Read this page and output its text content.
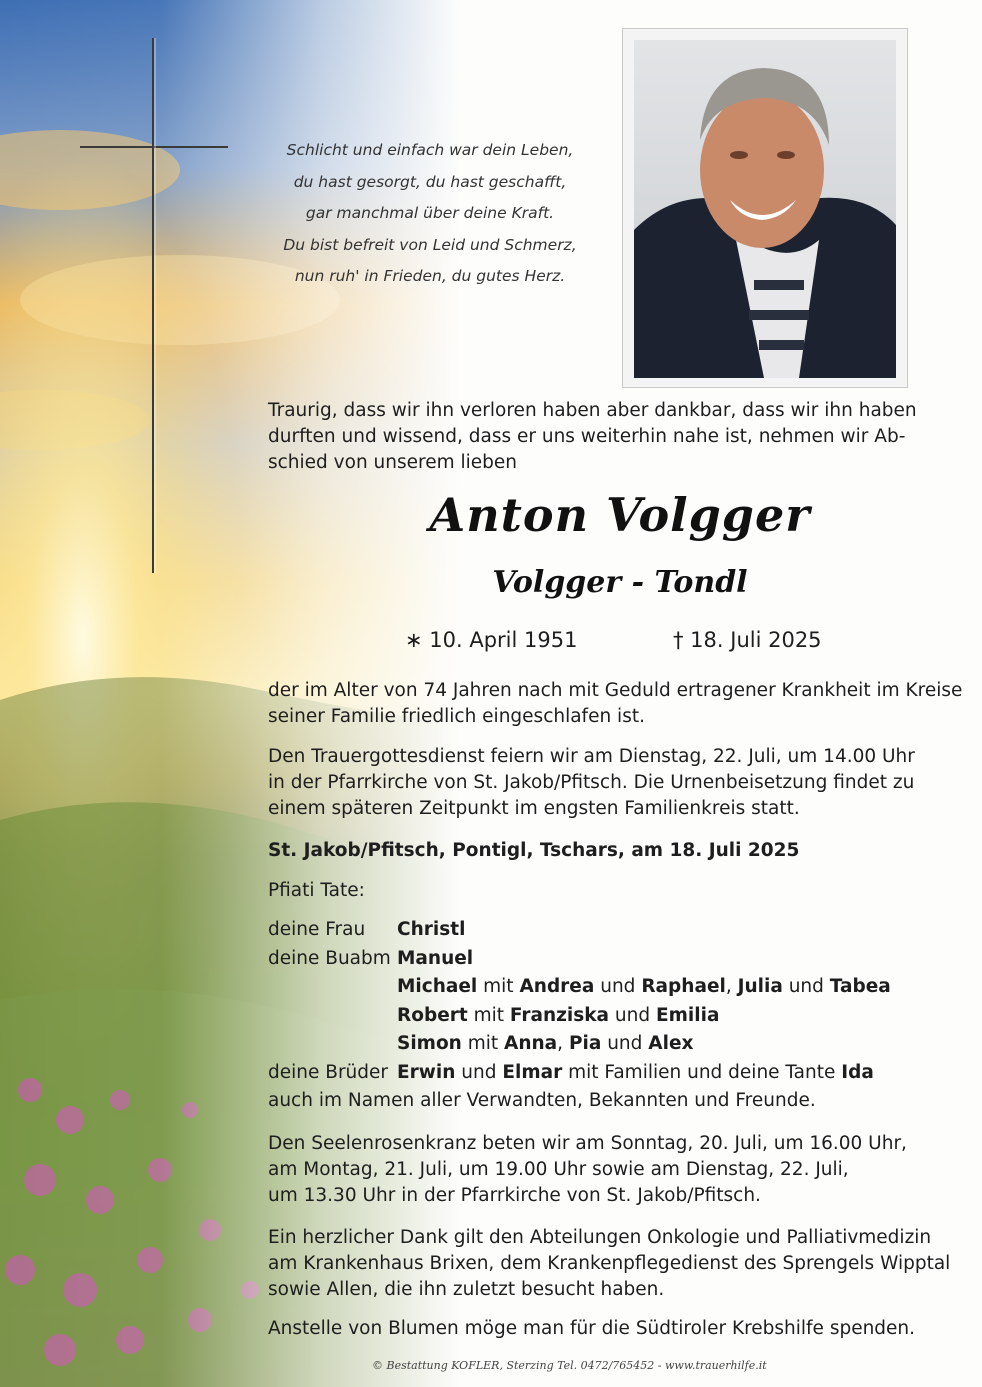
Schlicht und einfach war dein Leben,
du hast gesorgt, du hast geschafft,
gar manchmal über deine Kraft.
Du bist befreit von Leid und Schmerz,
nun ruh' in Frieden, du gutes Herz.
Traurig, dass wir ihn verloren haben aber dankbar, dass wir ihn haben
durften und wissend, dass er uns weiterhin nahe ist, nehmen wir Ab-
schied von unserem lieben
Anton Volgger
Volgger - Tondl
∗ 10. April 1951	† 18. Juli 2025
der im Alter von 74 Jahren nach mit Geduld ertragener Krankheit im Kreise
seiner Familie friedlich eingeschlafen ist.
Den Trauergottesdienst feiern wir am Dienstag, 22. Juli, um 14.00 Uhr
in der Pfarrkirche von St. Jakob/Pfitsch. Die Urnenbeisetzung findet zu
einem späteren Zeitpunkt im engsten Familienkreis statt.
St. Jakob/Pfitsch, Pontigl, Tschars, am 18. Juli 2025
Pfiati Tate:
deine Frau Christl
deine Buabm Manuel
Michael mit Andrea und Raphael, Julia und Tabea
Robert mit Franziska und Emilia
Simon mit Anna, Pia und Alex
deine Brüder Erwin und Elmar mit Familien und deine Tante Ida
auch im Namen aller Verwandten, Bekannten und Freunde.
Den Seelenrosenkranz beten wir am Sonntag, 20. Juli, um 16.00 Uhr,
am Montag, 21. Juli, um 19.00 Uhr sowie am Dienstag, 22. Juli,
um 13.30 Uhr in der Pfarrkirche von St. Jakob/Pfitsch.
Ein herzlicher Dank gilt den Abteilungen Onkologie und Palliativmedizin
am Krankenhaus Brixen, dem Krankenpflegedienst des Sprengels Wipptal
sowie Allen, die ihn zuletzt besucht haben.
Anstelle von Blumen möge man für die Südtiroler Krebshilfe spenden.
© Bestattung KOFLER, Sterzing Tel. 0472/765452 - www.trauerhilfe.it
